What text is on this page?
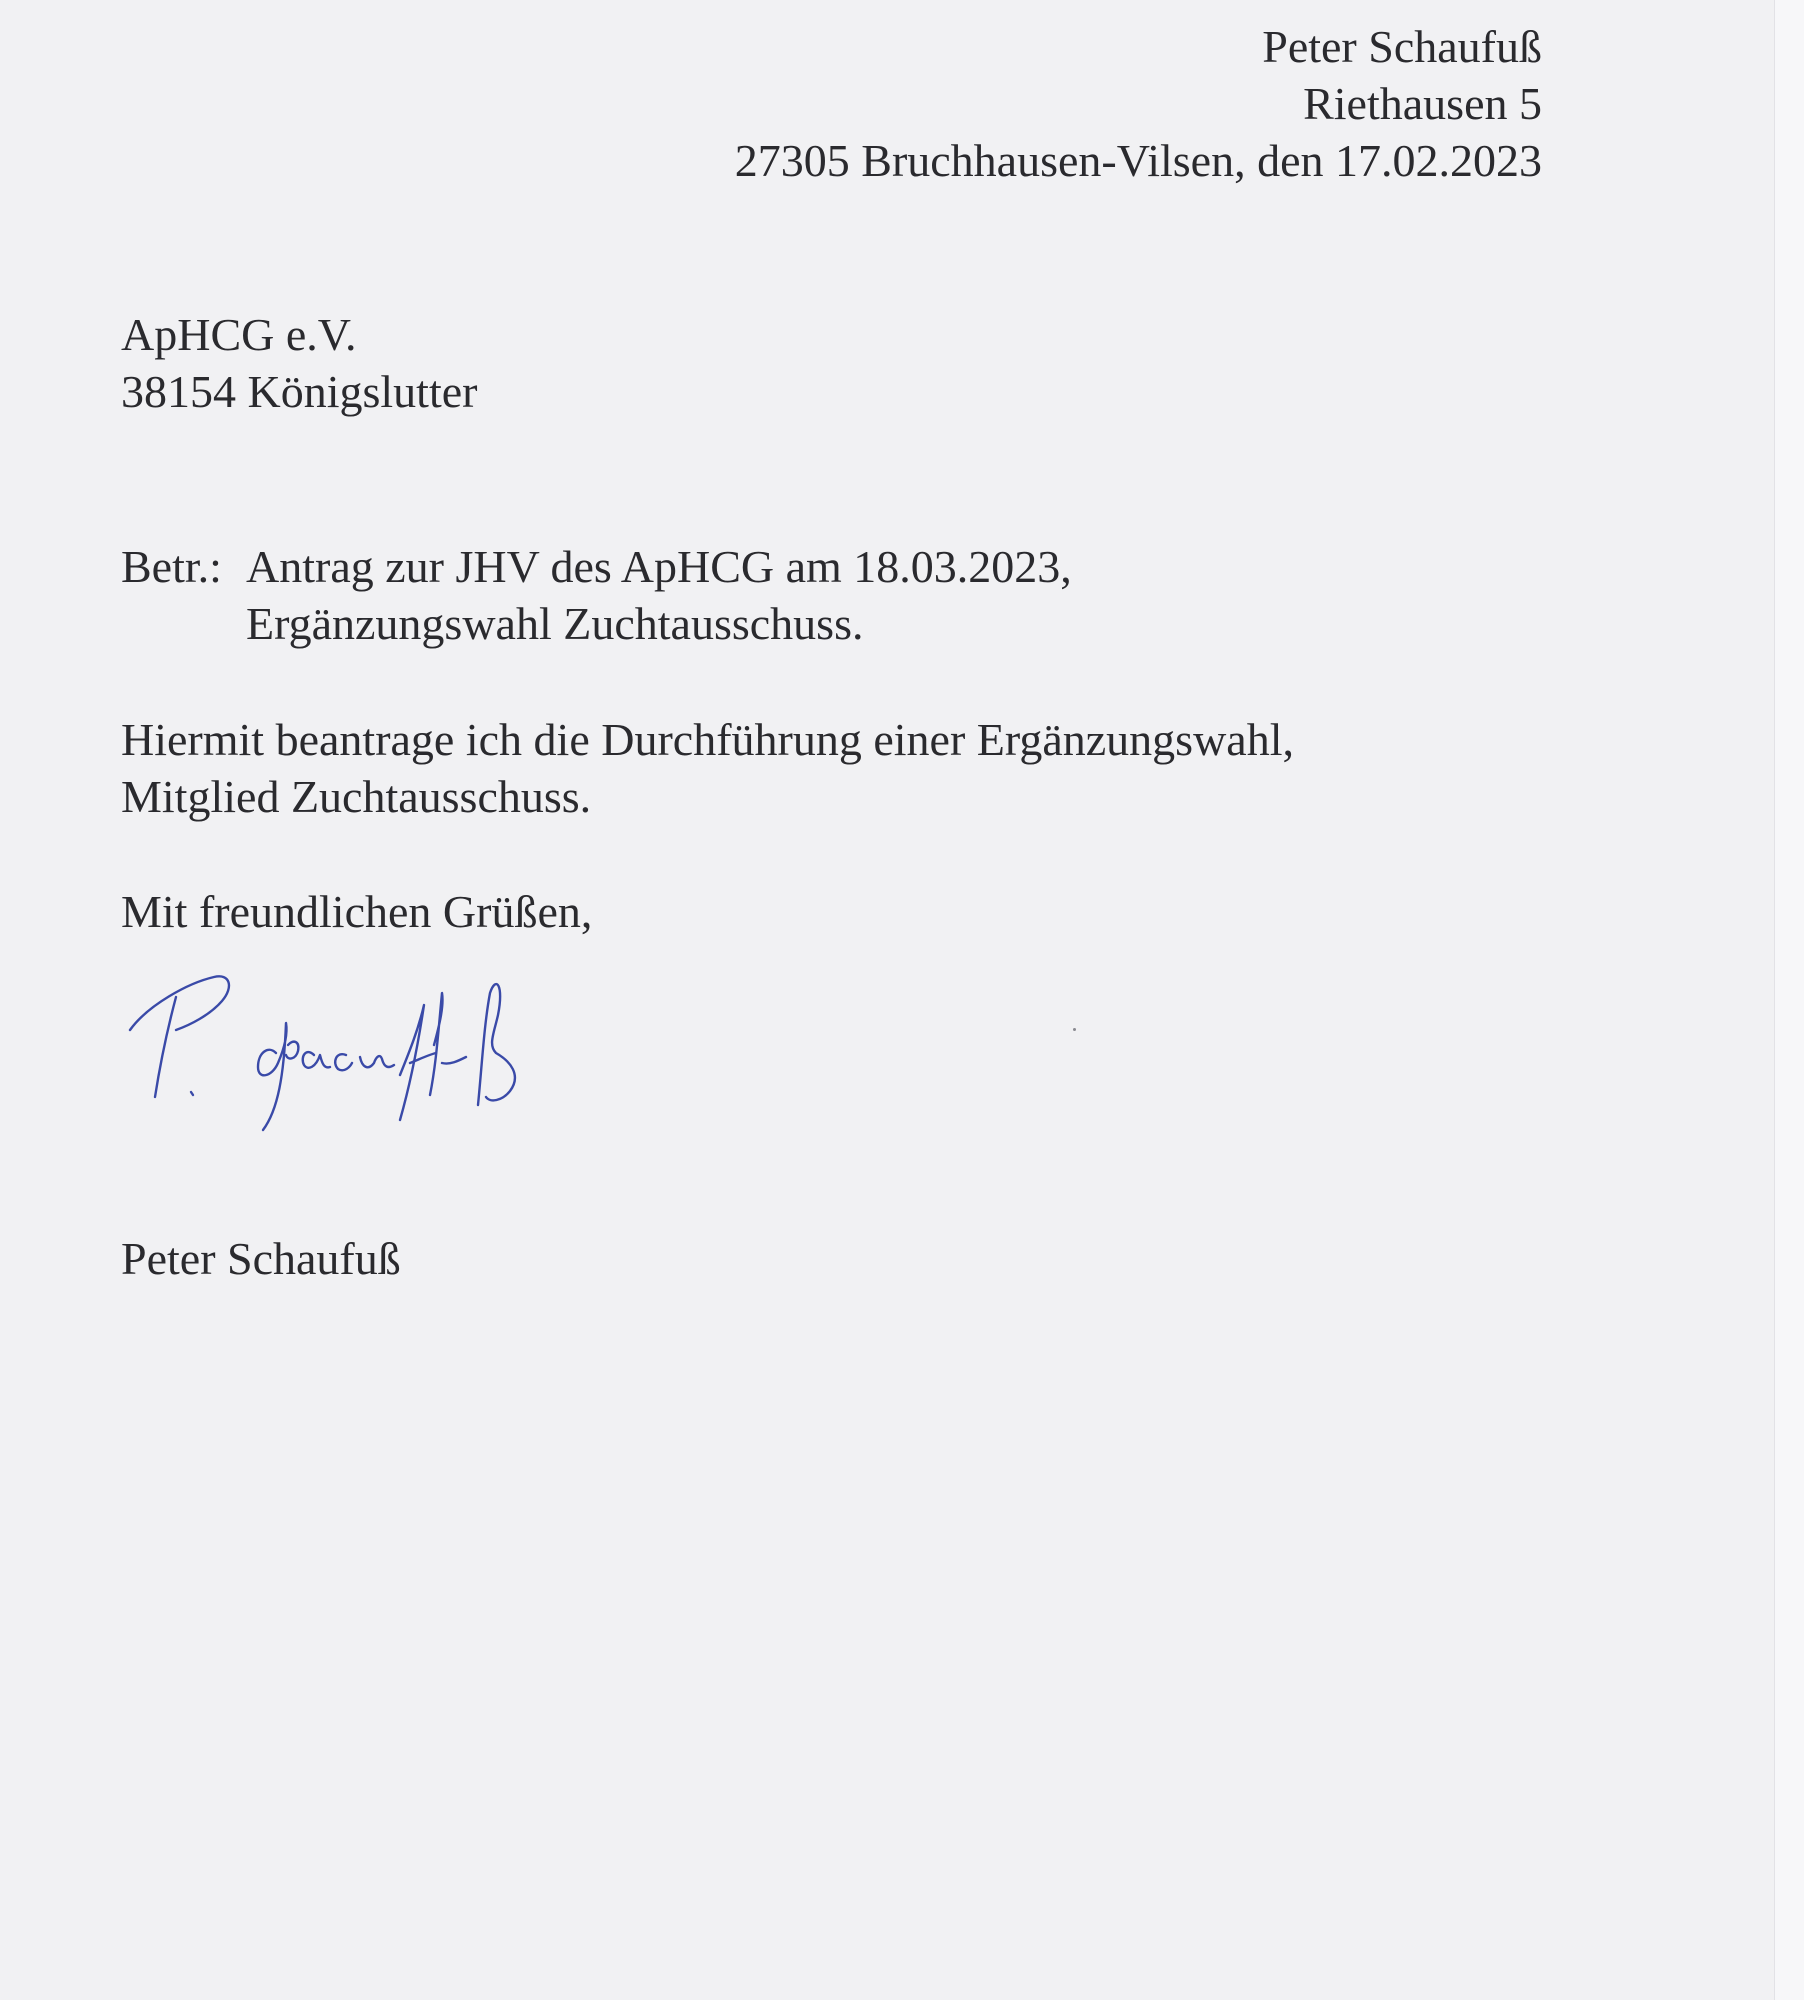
Peter Schaufuß
Riethausen 5
27305 Bruchhausen-Vilsen, den 17.02.2023
ApHCG e.V.
38154 Königslutter
Betr.: Antrag zur JHV des ApHCG am 18.03.2023,
Ergänzungswahl Zuchtausschuss.
Hiermit beantrage ich die Durchführung einer Ergänzungswahl,
Mitglied Zuchtausschuss.
Mit freundlichen Grüßen,
Peter Schaufuß
